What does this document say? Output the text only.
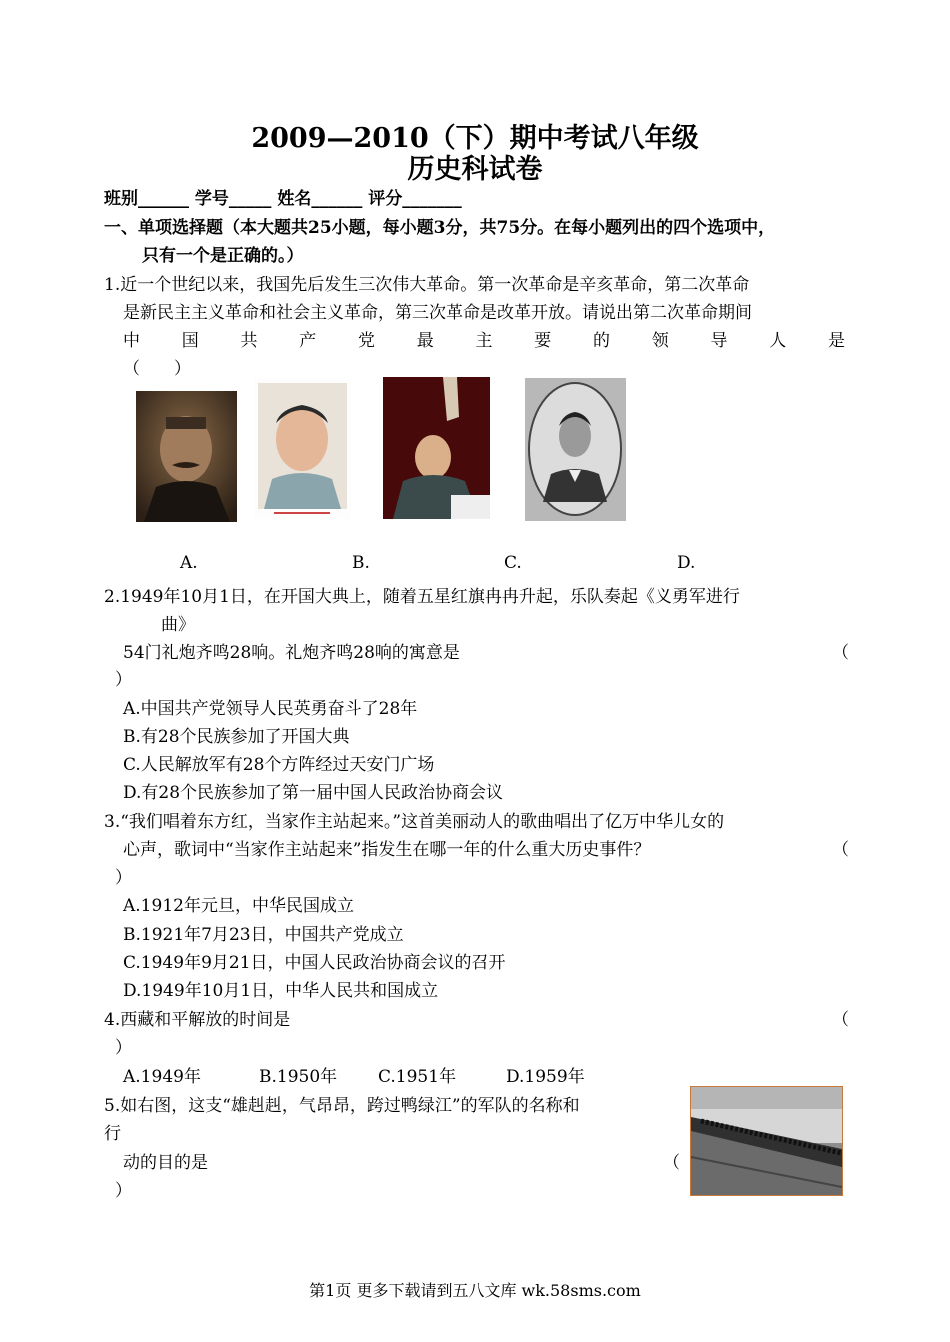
2009—2010（下）期中考试八年级
历史科试卷
班别______ 学号_____ 姓名______ 评分_______
一、单项选择题（本大题共25小题，每小题3分，共75分。在每小题列出的四个选项中，
只有一个是正确的。）
1.近一个世纪以来，我国先后发生三次伟大革命。第一次革命是辛亥革命，第二次革命
是新民主主义革命和社会主义革命，第三次革命是改革开放。请说出第二次革命期间
中 国 共 产 党 最 主 要 的 领 导 人 是
（　　）
A.	B.	C.	D.
2.1949年10月1日，在开国大典上，随着五星红旗冉冉升起，乐队奏起《义勇军进行
曲》
54门礼炮齐鸣28响。礼炮齐鸣28响的寓意是	（
）
A.中国共产党领导人民英勇奋斗了28年
B.有28个民族参加了开国大典
C.人民解放军有28个方阵经过天安门广场
D.有28个民族参加了第一届中国人民政治协商会议
3.“我们唱着东方红，当家作主站起来。”这首美丽动人的歌曲唱出了亿万中华儿女的
心声，歌词中“当家作主站起来”指发生在哪一年的什么重大历史事件？	（
）
A.1912年元旦，中华民国成立
B.1921年7月23日，中国共产党成立
C.1949年9月21日，中国人民政治协商会议的召开
D.1949年10月1日，中华人民共和国成立
4.西藏和平解放的时间是	（
）
A.1949年	B.1950年 C.1951年	D.1959年
5.如右图，这支“雄赳赳，气昂昂，跨过鸭绿江”的军队的名称和
行
动的目的是	（
）
第1页 更多下载请到五八文库 wk.58sms.com
